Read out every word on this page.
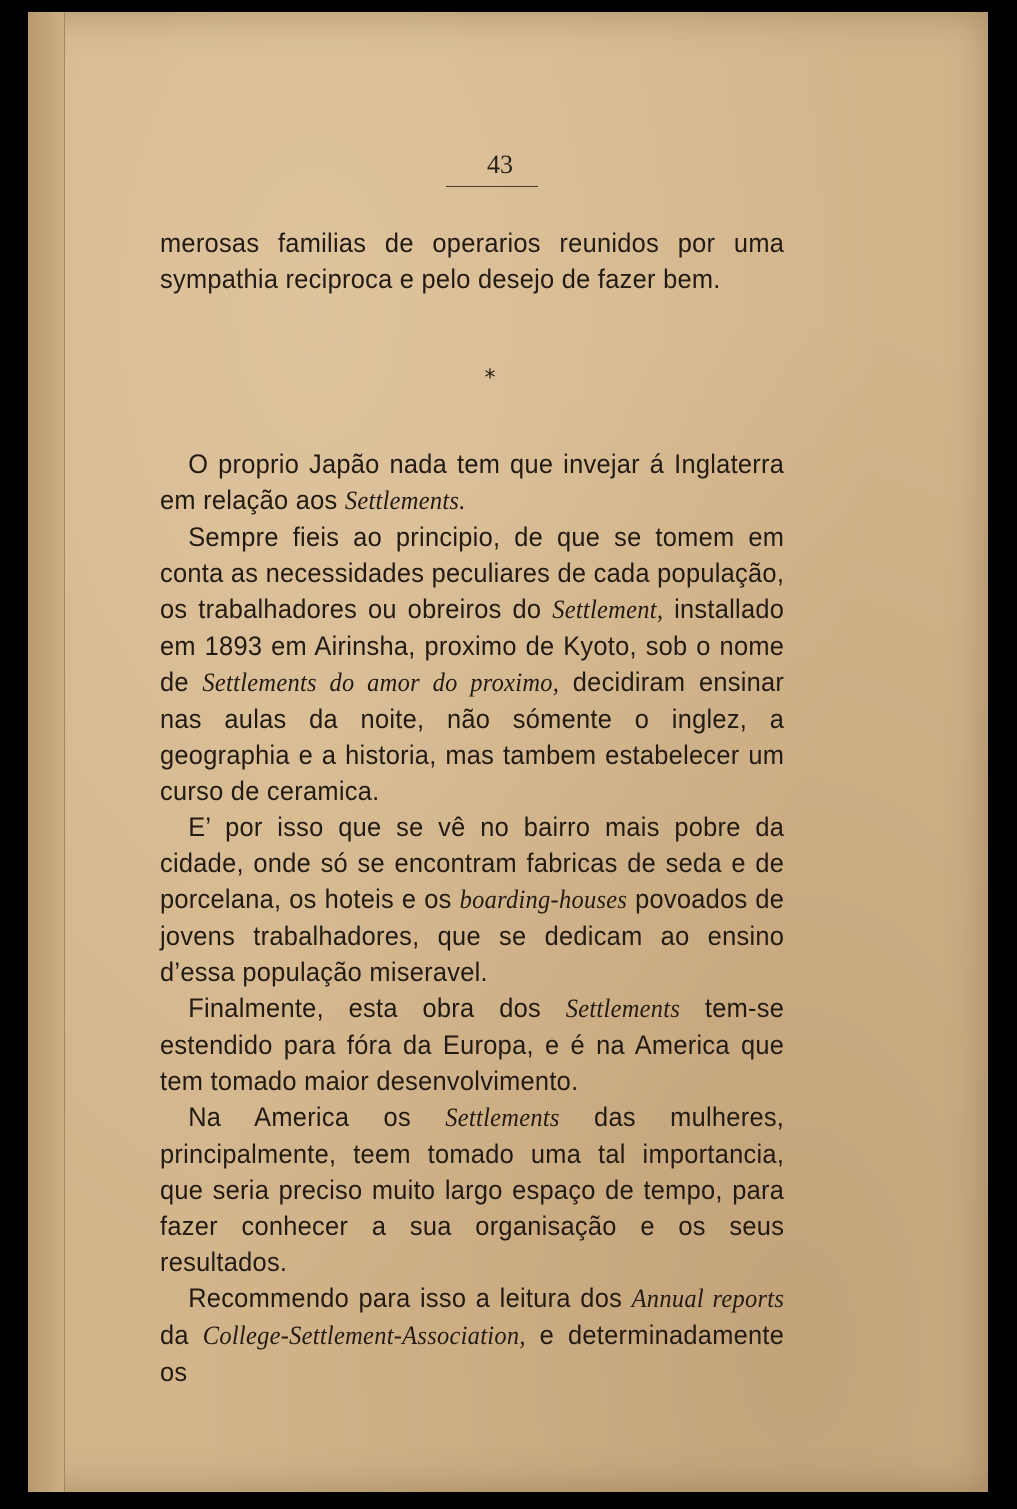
43

merosas familias de operarios reunidos por uma sympathia reciproca e pelo desejo de fazer bem.

*

O proprio Japão nada tem que invejar á Inglaterra em relação aos Settlements.

Sempre fieis ao principio, de que se tomem em conta as necessidades peculiares de cada população, os trabalhadores ou obreiros do Settlement, installado em 1893 em Airinsha, proximo de Kyoto, sob o nome de Settlements do amor do proximo, decidiram ensinar nas aulas da noite, não sómente o inglez, a geographia e a historia, mas tambem estabelecer um curso de ceramica.

E’ por isso que se vê no bairro mais pobre da cidade, onde só se encontram fabricas de seda e de porcelana, os hoteis e os boarding-houses povoados de jovens trabalhadores, que se dedicam ao ensino d’essa população miseravel.

Finalmente, esta obra dos Settlements tem-se estendido para fóra da Europa, e é na America que tem tomado maior desenvolvimento.

Na America os Settlements das mulheres, principalmente, teem tomado uma tal importancia, que seria preciso muito largo espaço de tempo, para fazer conhecer a sua organisação e os seus resultados.

Recommendo para isso a leitura dos Annual reports da College-Settlement-Association, e determinadamente os
